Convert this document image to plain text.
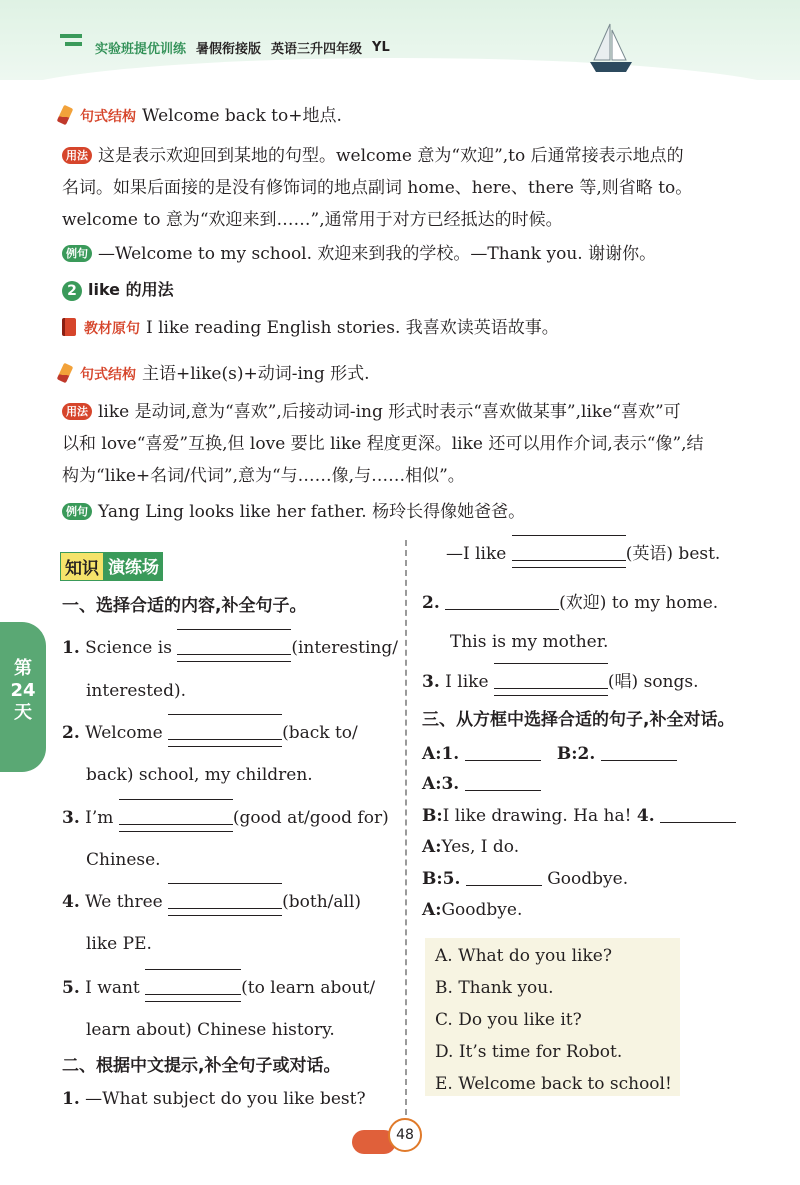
实验班提优训练 暑假衔接版 英语三升四年级 YL
第
24
天
句式结构 Welcome back to+地点.
用法 这是表示欢迎回到某地的句型。welcome 意为“欢迎”,to 后通常接表示地点的
名词。如果后面接的是没有修饰词的地点副词 home、here、there 等,则省略 to。
welcome to 意为“欢迎来到……”,通常用于对方已经抵达的时候。
例句 —Welcome to my school. 欢迎来到我的学校。—Thank you. 谢谢你。
2 like 的用法
教材原句 I like reading English stories. 我喜欢读英语故事。
句式结构 主语+like(s)+动词-ing 形式.
用法 like 是动词,意为“喜欢”,后接动词-ing 形式时表示“喜欢做某事”,like“喜欢”可
以和 love“喜爱”互换,但 love 要比 like 程度更深。like 还可以用作介词,表示“像”,结
构为“like+名词/代词”,意为“与……像,与……相似”。
例句 Yang Ling looks like her father. 杨玲长得像她爸爸。
知识 演练场
一、选择合适的内容,补全句子。
1. Science is	(interesting/
interested).
2. Welcome	(back to/
back) school, my children.
3. I’m	(good at/good for)
Chinese.
4. We three	(both/all)
like PE.
5. I want	(to learn about/
learn about) Chinese history.
二、根据中文提示,补全句子或对话。
1. —What subject do you like best?
—I like	(英语) best.
2.	(欢迎) to my home.
This is my mother.
3. I like	(唱) songs.
三、从方框中选择合适的句子,补全对话。
A:1.	B:2.
A:3.
B:I like drawing. Ha ha! 4.
A:Yes, I do.
B:5.	Goodbye.
A:Goodbye.
A. What do you like?
B. Thank you.
C. Do you like it?
D. It’s time for Robot.
E. Welcome back to school!
48
